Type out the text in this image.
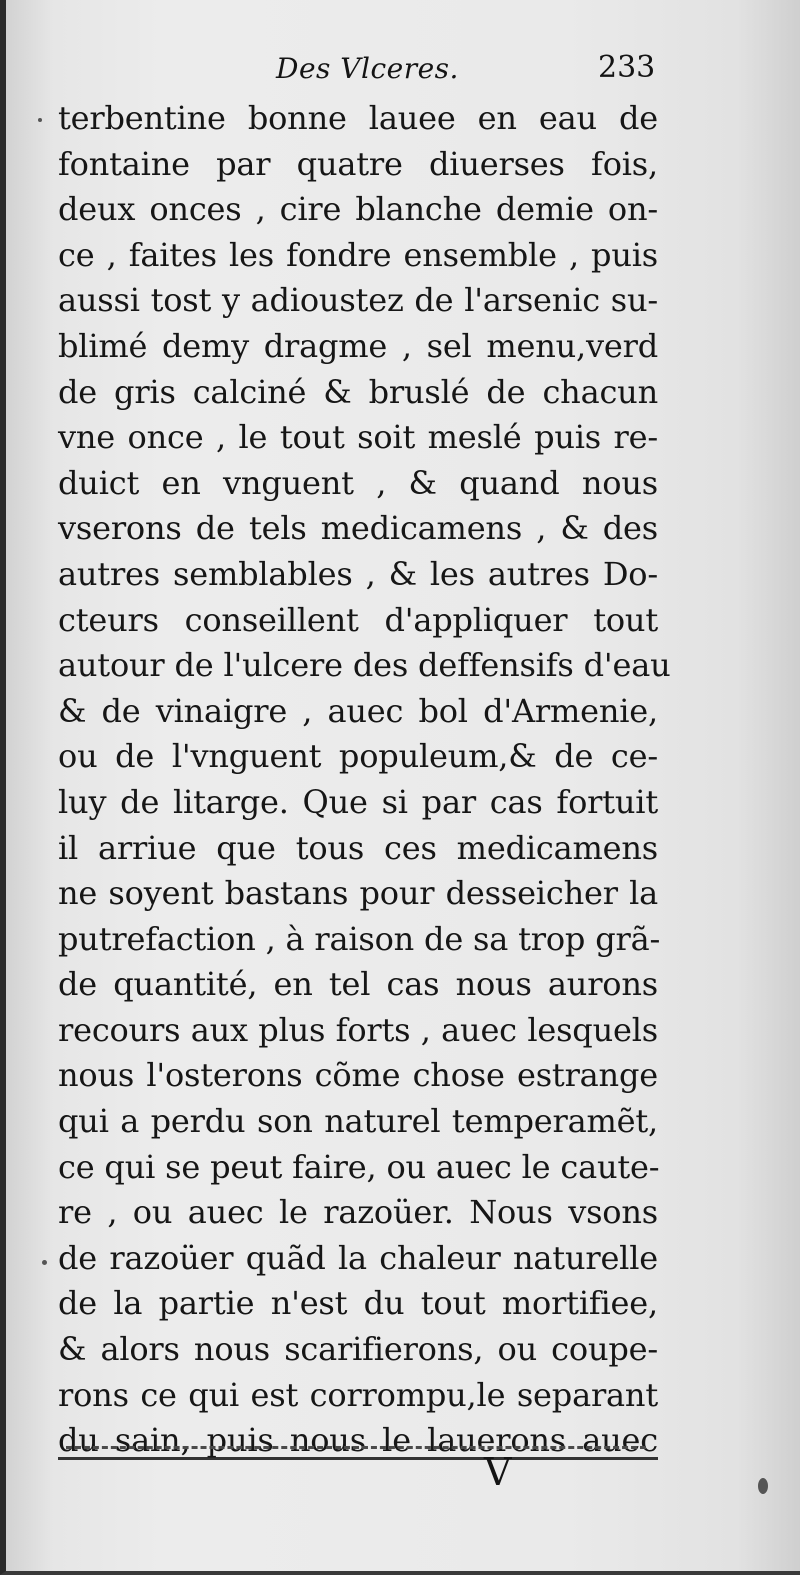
Des Vlceres.	233
terbentine bonne lauee en eau de
fontaine par quatre diuerses fois,
deux onces , cire blanche demie on-
ce , faites les fondre ensemble , puis
aussi tost y adioustez de l'arsenic su-
blimé demy dragme , sel menu,verd
de gris calciné & bruslé de chacun
vne once , le tout soit meslé puis re-
duict en vnguent , & quand nous
vserons de tels medicamens , & des
autres semblables , & les autres Do-
cteurs conseillent d'appliquer tout
autour de l'ulcere des deffensifs d'eau
& de vinaigre , auec bol d'Armenie,
ou de l'vnguent populeum,& de ce-
luy de litarge. Que si par cas fortuit
il arriue que tous ces medicamens
ne soyent bastans pour desseicher la
putrefaction , à raison de sa trop grã-
de quantité, en tel cas nous aurons
recours aux plus forts , auec lesquels
nous l'osterons cõme chose estrange
qui a perdu son naturel temperamẽt,
ce qui se peut faire, ou auec le caute-
re , ou auec le razoüer. Nous vsons
de razoüer quãd la chaleur naturelle
de la partie n'est du tout mortifiee,
& alors nous scarifierons, ou coupe-
rons ce qui est corrompu,le separant
du sain, puis nous le lauerons auec
V
